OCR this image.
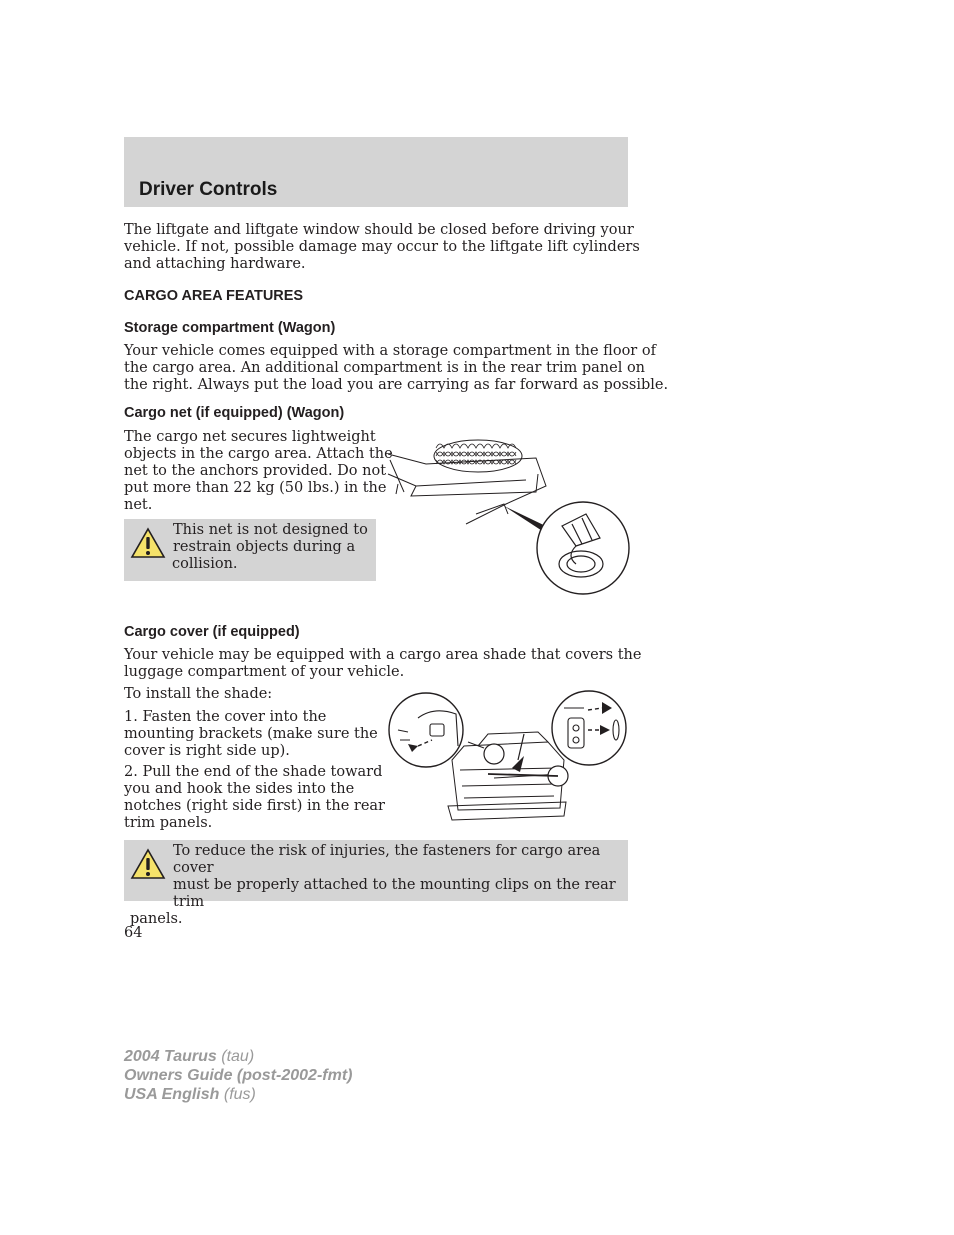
Driver Controls
The liftgate and liftgate window should be closed before driving your
vehicle. If not, possible damage may occur to the liftgate lift cylinders
and attaching hardware.
CARGO AREA FEATURES
Storage compartment (Wagon)
Your vehicle comes equipped with a storage compartment in the floor of
the cargo area. An additional compartment is in the rear trim panel on
the right. Always put the load you are carrying as far forward as possible.
Cargo net (if equipped) (Wagon)
The cargo net secures lightweight
objects in the cargo area. Attach the
net to the anchors provided. Do not
put more than 22 kg (50 lbs.) in the
net.
This net is not designed to
restrain objects during a
collision.
Cargo cover (if equipped)
Your vehicle may be equipped with a cargo area shade that covers the
luggage compartment of your vehicle.
To install the shade:
1. Fasten the cover into the
mounting brackets (make sure the
cover is right side up).
2. Pull the end of the shade toward
you and hook the sides into the
notches (right side first) in the rear
trim panels.
To reduce the risk of injuries, the fasteners for cargo area cover
must be properly attached to the mounting clips on the rear trim
panels.
64
2004 Taurus (tau)
Owners Guide (post-2002-fmt)
USA English (fus)
